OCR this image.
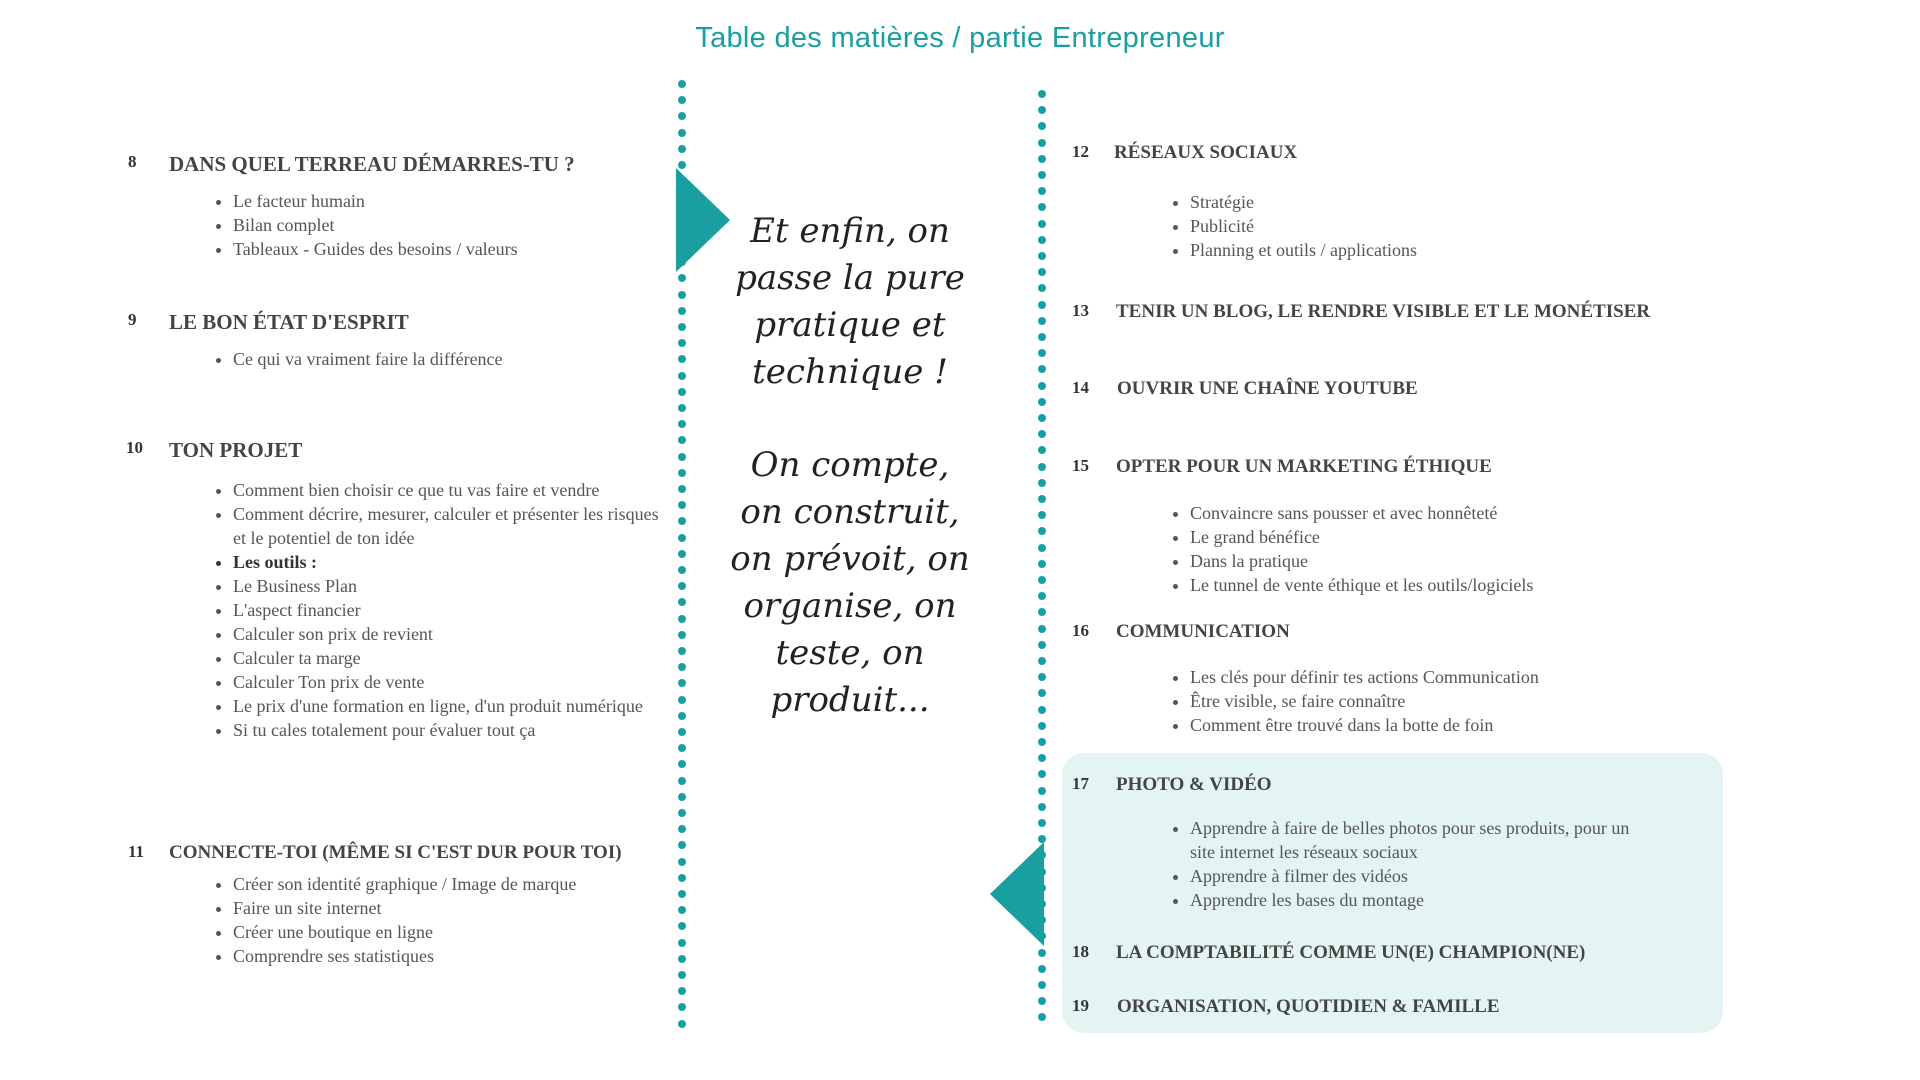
Table des matières / partie Entrepreneur
8 DANS QUEL TERREAU DÉMARRES-TU ?
• Le facteur humain
• Bilan complet
• Tableaux - Guides des besoins / valeurs
9 LE BON ÉTAT D'ESPRIT
• Ce qui va vraiment faire la différence
10 TON PROJET
• Comment bien choisir ce que tu vas faire et vendre
• Comment décrire, mesurer, calculer et présenter les risques et le potentiel de ton idée
• Les outils :
• Le Business Plan
• L'aspect financier
• Calculer son prix de revient
• Calculer ta marge
• Calculer Ton prix de vente
• Le prix d'une formation en ligne, d'un produit numérique
• Si tu cales totalement pour évaluer tout ça
11 CONNECTE-TOI (MÊME SI C'EST DUR POUR TOI)
• Créer son identité graphique / Image de marque
• Faire un site internet
• Créer une boutique en ligne
• Comprendre ses statistiques
Et enfin, on
passe la pure
pratique et
technique !
On compte,
on construit,
on prévoit, on
organise, on
teste, on
produit...
12 RÉSEAUX SOCIAUX
• Stratégie
• Publicité
• Planning et outils / applications
13 TENIR UN BLOG, LE RENDRE VISIBLE ET LE MONÉTISER
14 OUVRIR UNE CHAÎNE YOUTUBE
15 OPTER POUR UN MARKETING ÉTHIQUE
• Convaincre sans pousser et avec honnêteté
• Le grand bénéfice
• Dans la pratique
• Le tunnel de vente éthique et les outils/logiciels
16 COMMUNICATION
• Les clés pour définir tes actions Communication
• Être visible, se faire connaître
• Comment être trouvé dans la botte de foin
17 PHOTO & VIDÉO
• Apprendre à faire de belles photos pour ses produits, pour un site internet les réseaux sociaux
• Apprendre à filmer des vidéos
• Apprendre les bases du montage
18 LA COMPTABILITÉ COMME UN(E) CHAMPION(NE)
19 ORGANISATION, QUOTIDIEN & FAMILLE
